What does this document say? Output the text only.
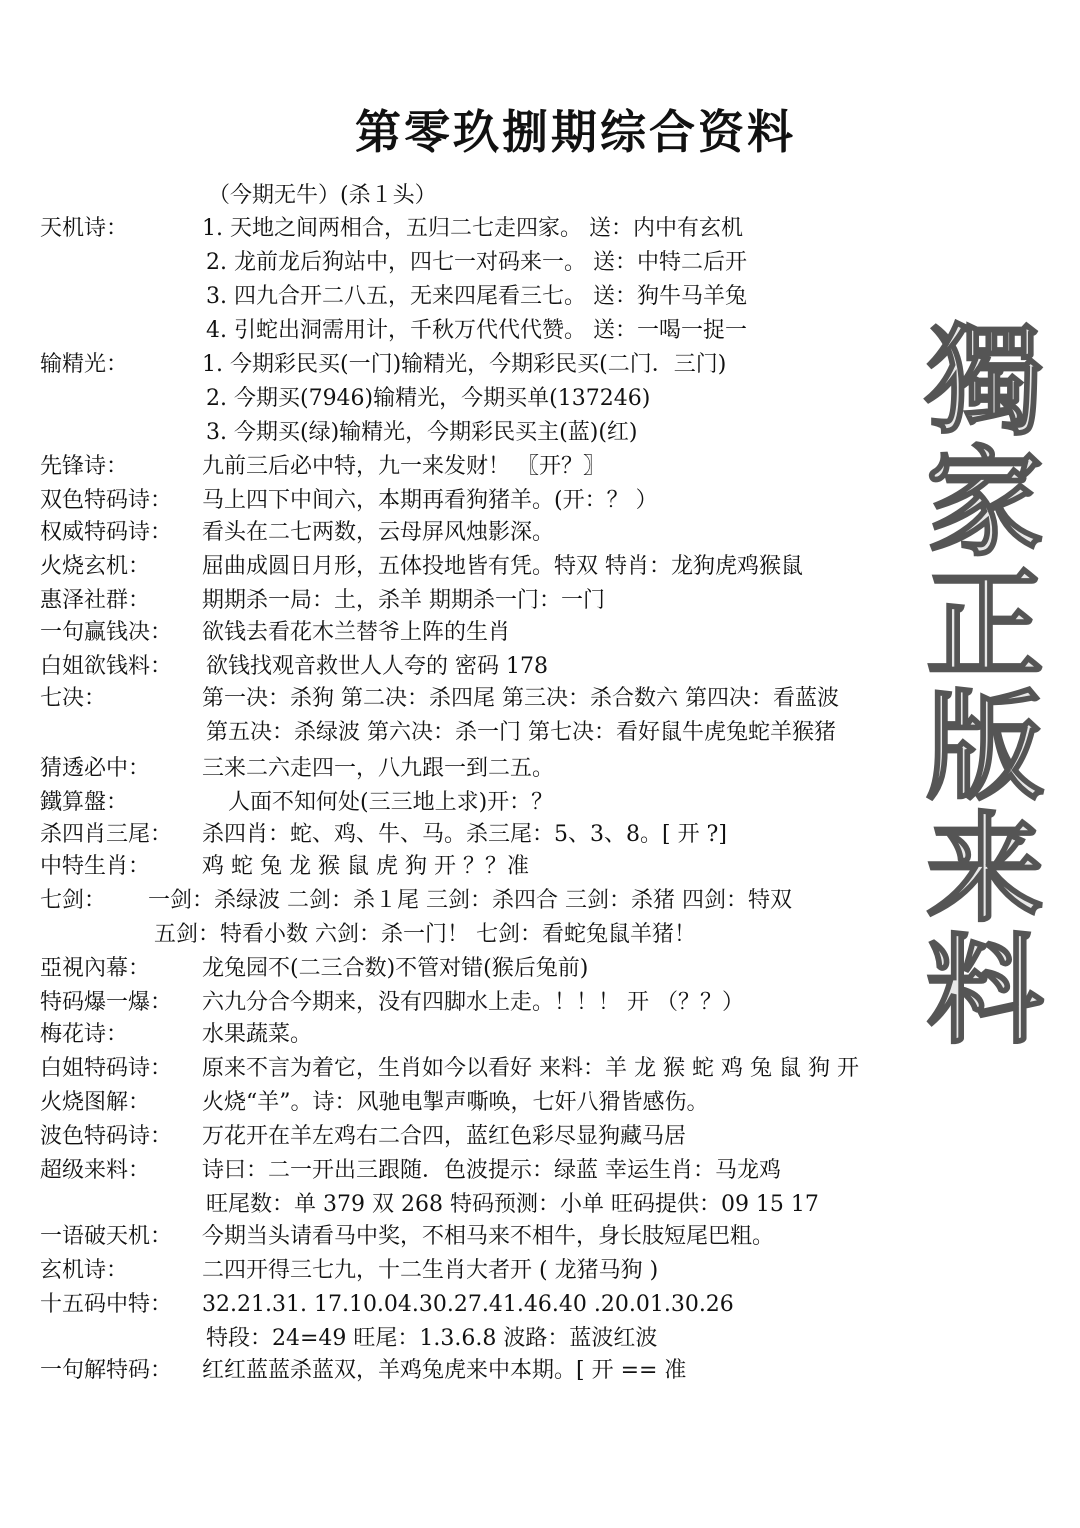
獨
家
正
版
来
料
第零玖捌期综合资料
（今期无牛）(杀１头）
天机诗：	1. 天地之间两相合，五归二七走四家。 送：内中有玄机
2. 龙前龙后狗站中，四七一对码来一。 送：中特二后开
3. 四九合开二八五，无来四尾看三七。 送：狗牛马羊兔
4. 引蛇出洞需用计，千秋万代代代赞。 送：一喝一捉一
输精光：	1. 今期彩民买(一门)输精光，今期彩民买(二门．三门)
2. 今期买(7946)输精光，今期买单(137246)
3. 今期买(绿)输精光，今期彩民买主(蓝)(红)
先锋诗：	九前三后必中特，九一来发财！ 〖开？〗
双色特码诗： 马上四下中间六，本期再看狗猪羊。(开：？ ）
权威特码诗： 看头在二七两数，云母屏风烛影深。
火烧玄机： 屈曲成圆日月形，五体投地皆有凭。特双 特肖：龙狗虎鸡猴鼠
惠泽社群： 期期杀一局：土，杀羊 期期杀一门：一门
一句赢钱决： 欲钱去看花木兰替爷上阵的生肖
白姐欲钱料： 欲钱找观音救世人人夸的 密码 178
七决：	第一决：杀狗 第二决：杀四尾 第三决：杀合数六 第四决：看蓝波
第五决：杀绿波 第六决：杀一门 第七决：看好鼠牛虎兔蛇羊猴猪
猜透必中： 三来二六走四一，八九跟一到二五。
鐵算盤：	人面不知何处(三三地上求)开：？
杀四肖三尾： 杀四肖：蛇、鸡、牛、马。杀三尾：5、3、8。[ 开 ?]
中特生肖： 鸡 蛇 兔 龙 猴 鼠 虎 狗 开 ？？准
七剑： 一剑：杀绿波 二剑：杀１尾 三剑：杀四合 三剑：杀猪 四剑：特双
五剑：特看小数 六剑：杀一门！ 七剑：看蛇兔鼠羊猪！
亞視內幕： 龙兔园不(二三合数)不管对错(猴后兔前)
特码爆一爆： 六九分合今期来，没有四脚水上走。！！！ 开 （？？）
梅花诗：	水果蔬菜。
白姐特码诗： 原来不言为着它，生肖如今以看好 来料：羊 龙 猴 蛇 鸡 兔 鼠 狗 开
火烧图解： 火烧“羊”。诗：风驰电掣声嘶唤，七奸八猾皆感伤。
波色特码诗： 万花开在羊左鸡右二合四，蓝红色彩尽显狗藏马居
超级来料： 诗曰：二一开出三跟随．色波提示：绿蓝 幸运生肖：马龙鸡
旺尾数：单 379 双 268 特码预测：小单 旺码提供：09 15 17
一语破天机： 今期当头请看马中奖，不相马来不相牛，身长肢短尾巴粗。
玄机诗：	二四开得三七九，十二生肖大者开 ( 龙猪马狗 )
十五码中特： 32.21.31. 17.10.04.30.27.41.46.40 .20.01.30.26
特段：24=49 旺尾：1.3.6.8 波路：蓝波红波
一句解特码： 红红蓝蓝杀蓝双，羊鸡兔虎来中本期。[ 开 == 准
